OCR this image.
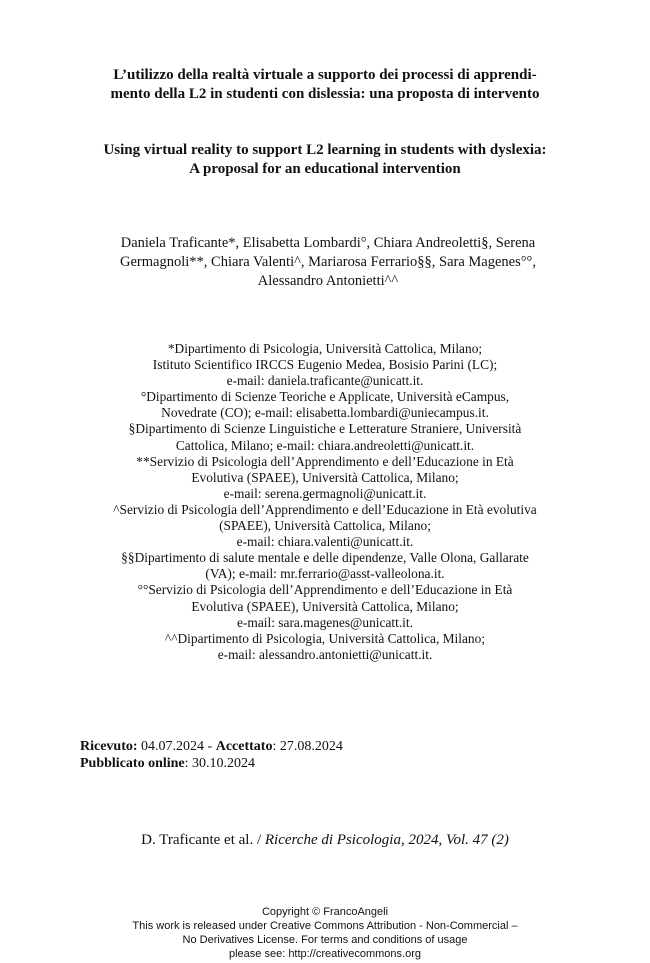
L’utilizzo della realtà virtuale a supporto dei processi di apprendi-
mento della L2 in studenti con dislessia: una proposta di intervento
Using virtual reality to support L2 learning in students with dyslexia:
A proposal for an educational intervention
Daniela Traficante*, Elisabetta Lombardi°, Chiara Andreoletti§, Serena
Germagnoli**, Chiara Valenti^, Mariarosa Ferrario§§, Sara Magenes°°,
Alessandro Antonietti^^
*Dipartimento di Psicologia, Università Cattolica, Milano;
Istituto Scientifico IRCCS Eugenio Medea, Bosisio Parini (LC);
e-mail: daniela.traficante@unicatt.it.
°Dipartimento di Scienze Teoriche e Applicate, Università eCampus,
Novedrate (CO); e-mail: elisabetta.lombardi@uniecampus.it.
§Dipartimento di Scienze Linguistiche e Letterature Straniere, Università
Cattolica, Milano; e-mail: chiara.andreoletti@unicatt.it.
**Servizio di Psicologia dell’Apprendimento e dell’Educazione in Età
Evolutiva (SPAEE), Università Cattolica, Milano;
e-mail: serena.germagnoli@unicatt.it.
^Servizio di Psicologia dell’Apprendimento e dell’Educazione in Età evolutiva
(SPAEE), Università Cattolica, Milano;
e-mail: chiara.valenti@unicatt.it.
§§Dipartimento di salute mentale e delle dipendenze, Valle Olona, Gallarate
(VA); e-mail: mr.ferrario@asst-valleolona.it.
°°Servizio di Psicologia dell’Apprendimento e dell’Educazione in Età
Evolutiva (SPAEE), Università Cattolica, Milano;
e-mail: sara.magenes@unicatt.it.
^^Dipartimento di Psicologia, Università Cattolica, Milano;
e-mail: alessandro.antonietti@unicatt.it.
Ricevuto: 04.07.2024 - Accettato: 27.08.2024
Pubblicato online: 30.10.2024
D. Traficante et al. / Ricerche di Psicologia, 2024, Vol. 47 (2)
Copyright © FrancoAngeli
This work is released under Creative Commons Attribution - Non-Commercial –
No Derivatives License. For terms and conditions of usage
please see: http://creativecommons.org
